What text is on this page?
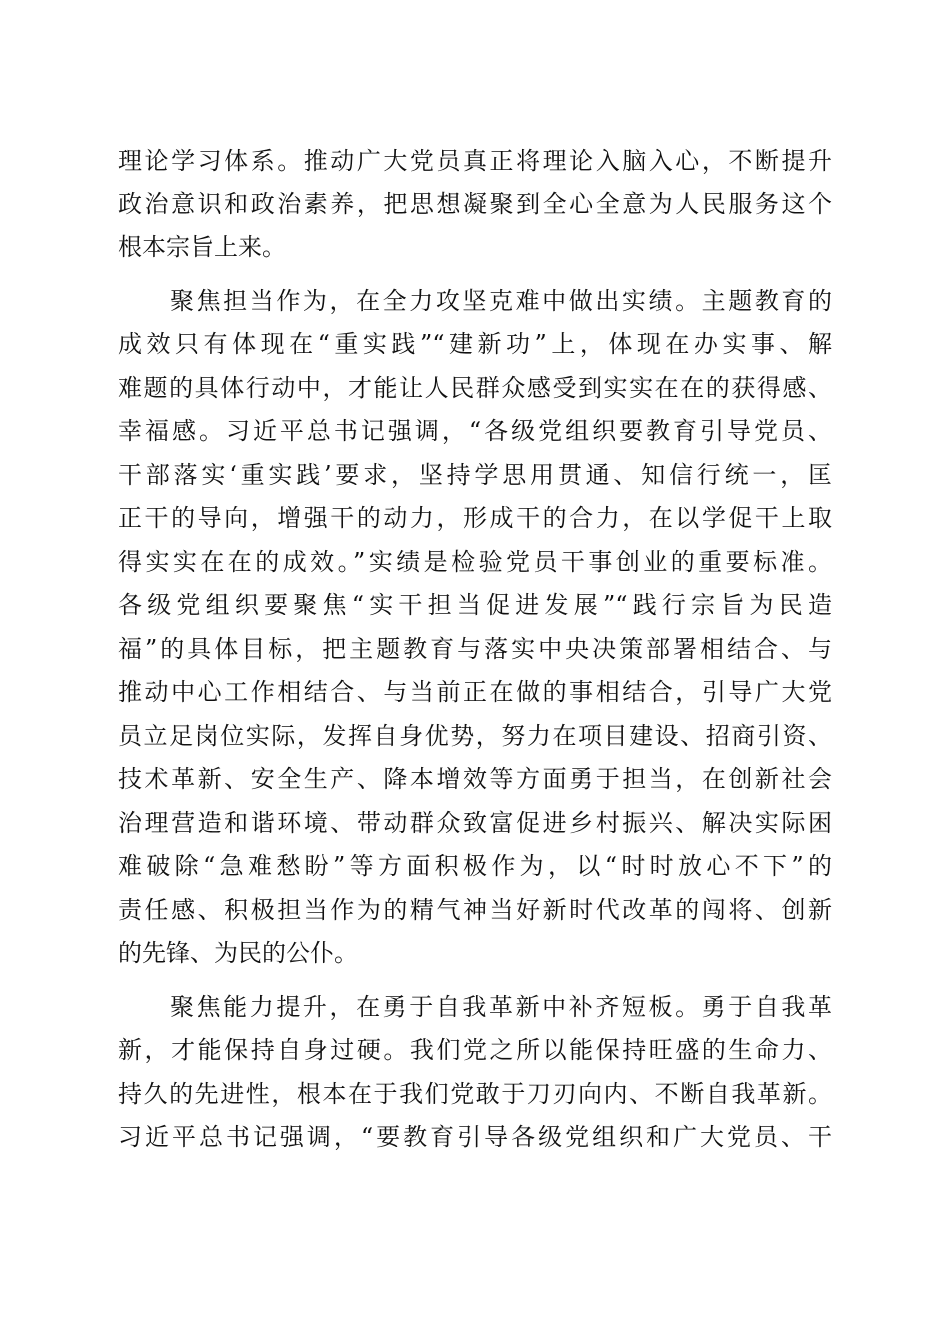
理论学习体系。推动广大党员真正将理论入脑入心，不断提升
政治意识和政治素养，把思想凝聚到全心全意为人民服务这个
根本宗旨上来。
聚焦担当作为，在全力攻坚克难中做出实绩。主题教育的
成效只有体现在“重实践”“建新功”上，体现在办实事、解
难题的具体行动中，才能让人民群众感受到实实在在的获得感、
幸福感。习近平总书记强调，“各级党组织要教育引导党员、
干部落实‘重实践’要求，坚持学思用贯通、知信行统一，匡
正干的导向，增强干的动力，形成干的合力，在以学促干上取
得实实在在的成效。”实绩是检验党员干事创业的重要标准。
各级党组织要聚焦“实干担当促进发展”“践行宗旨为民造
福”的具体目标，把主题教育与落实中央决策部署相结合、与
推动中心工作相结合、与当前正在做的事相结合，引导广大党
员立足岗位实际，发挥自身优势，努力在项目建设、招商引资、
技术革新、安全生产、降本增效等方面勇于担当，在创新社会
治理营造和谐环境、带动群众致富促进乡村振兴、解决实际困
难破除“急难愁盼”等方面积极作为，以“时时放心不下”的
责任感、积极担当作为的精气神当好新时代改革的闯将、创新
的先锋、为民的公仆。
聚焦能力提升，在勇于自我革新中补齐短板。勇于自我革
新，才能保持自身过硬。我们党之所以能保持旺盛的生命力、
持久的先进性，根本在于我们党敢于刀刃向内、不断自我革新。
习近平总书记强调，“要教育引导各级党组织和广大党员、干
